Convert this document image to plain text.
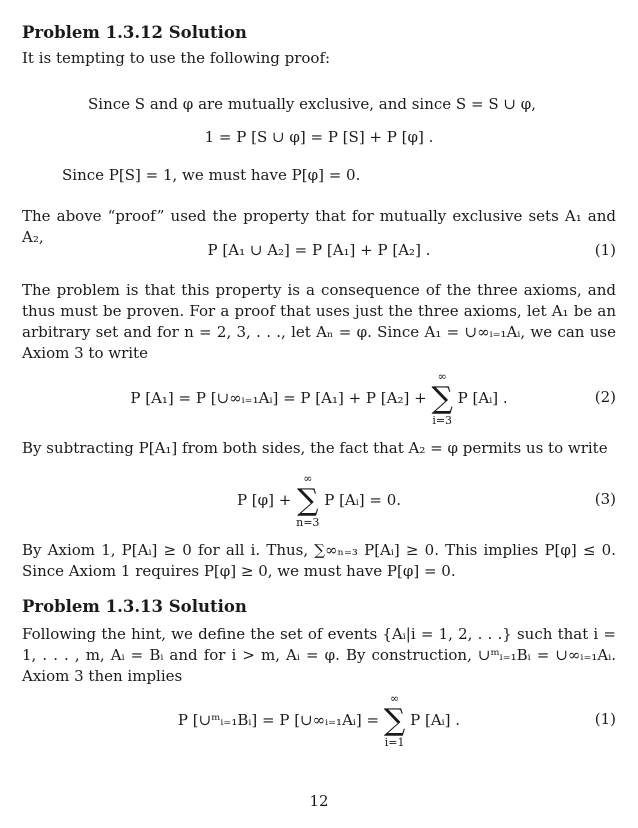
Problem 1.3.12 Solution
It is tempting to use the following proof:
Since S and φ are mutually exclusive, and since S = S ∪ φ,
1 = P [S ∪ φ] = P [S] + P [φ] .
Since P[S] = 1, we must have P[φ] = 0.
The above “proof” used the property that for mutually exclusive sets A₁ and A₂,
P [A₁ ∪ A₂] = P [A₁] + P [A₂] .	(1)
The problem is that this property is a consequence of the three axioms, and thus must be proven. For a proof that uses just the three axioms, let A₁ be an arbitrary set and for n = 2, 3, . . ., let Aₙ = φ. Since A₁ = ∪∞ᵢ₌₁Aᵢ, we can use Axiom 3 to write
P [A₁] = P [∪∞ᵢ₌₁Aᵢ] = P [A₁] + P [A₂] +
∞
∑
i=3
P [Aᵢ] .	(2)
By subtracting P[A₁] from both sides, the fact that A₂ = φ permits us to write
P [φ] +
∞
∑
n=3
P [Aᵢ] = 0.	(3)
By Axiom 1, P[Aᵢ] ≥ 0 for all i. Thus, ∑∞ₙ₌₃ P[Aᵢ] ≥ 0. This implies P[φ] ≤ 0. Since Axiom 1 requires P[φ] ≥ 0, we must have P[φ] = 0.
Problem 1.3.13 Solution
Following the hint, we define the set of events {Aᵢ|i = 1, 2, . . .} such that i = 1, . . . , m, Aᵢ = Bᵢ and for i > m, Aᵢ = φ. By construction, ∪ᵐᵢ₌₁Bᵢ = ∪∞ᵢ₌₁Aᵢ. Axiom 3 then implies
P [∪ᵐᵢ₌₁Bᵢ] = P [∪∞ᵢ₌₁Aᵢ] =
∞
∑
i=1
P [Aᵢ] .	(1)
12
